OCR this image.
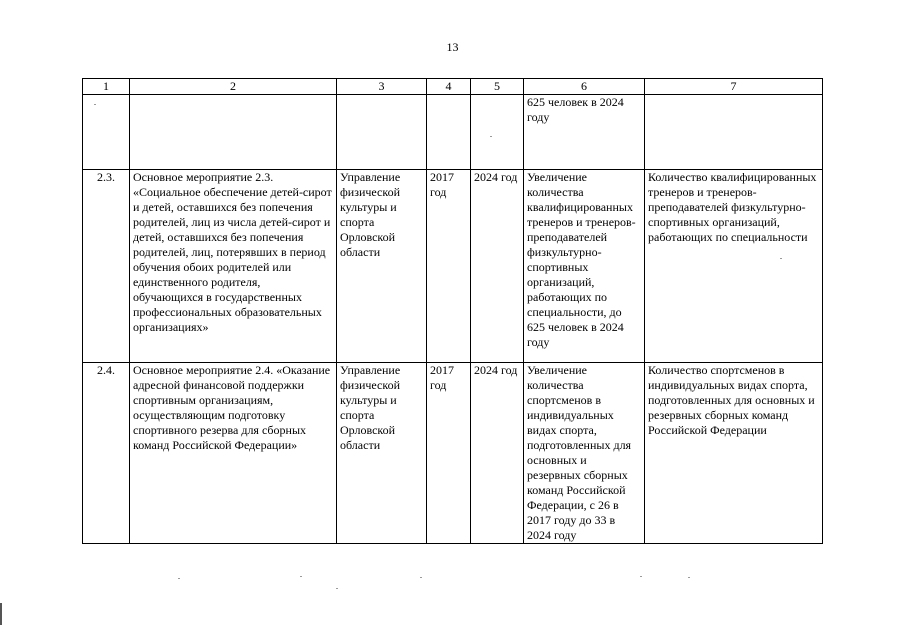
13
1	2	3	4	5	6	7
					625 человек в 2024 году	
2.3.	Основное мероприятие 2.3. «Социальное обеспечение детей-сирот и детей, оставшихся без попечения родителей, лиц из числа детей-сирот и детей, оставшихся без попечения родителей, лиц, потерявших в период обучения обоих родителей или единственного родителя, обучающихся в государственных профессиональных образовательных организациях»	Управление физической культуры и спорта Орловской области	2017 год	2024 год	Увеличение количества квалифицированных тренеров и тренеров-преподавателей физкультурно-спортивных организаций, работающих по специальности, до 625 человек в 2024 году	Количество квалифицированных тренеров и тренеров-преподавателей физкультурно-спортивных организаций, работающих по специальности
2.4.	Основное мероприятие 2.4. «Оказание адресной финансовой поддержки спортивным организациям, осуществляющим подготовку спортивного резерва для сборных команд Российской Федерации»	Управление физической культуры и спорта Орловской области	2017 год	2024 год	Увеличение количества спортсменов в индивидуальных видах спорта, подготовленных для основных и резервных сборных команд Российской Федерации, с 26 в 2017 году до 33 в 2024 году	Количество спортсменов в индивидуальных видах спорта, подготовленных для основных и резервных сборных команд Российской Федерации
